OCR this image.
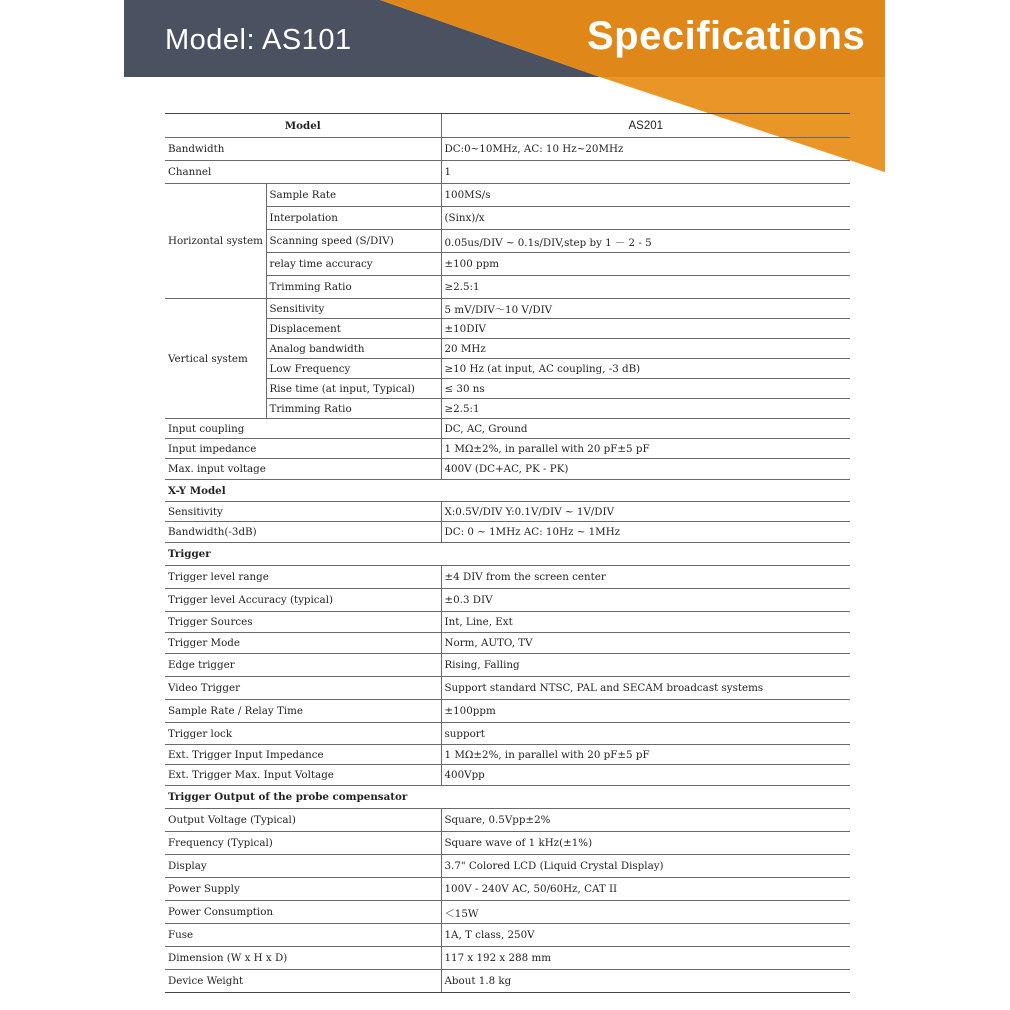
Model: AS101	Specifications
Model		AS201
Bandwidth		DC:0~10MHz, AC: 10 Hz~20MHz
Channel		1
Horizontal system	Sample Rate	100MS/s
	Interpolation	(Sinx)/x
	Scanning speed (S/DIV)	0.05us/DIV ~ 0.1s/DIV,step by 1 － 2 - 5
	relay time accuracy	±100 ppm
	Trimming Ratio	≥2.5:1
Vertical system	Sensitivity	5 mV/DIV～10 V/DIV
	Displacement	±10DIV
	Analog bandwidth	20 MHz
	Low Frequency	≥10 Hz (at input, AC coupling, -3 dB)
	Rise time (at input, Typical)	≤ 30 ns
	Trimming Ratio	≥2.5:1
Input coupling		DC, AC, Ground
Input impedance		1 MΩ±2%, in parallel with 20 pF±5 pF
Max. input voltage		400V (DC+AC, PK - PK)
X-Y Model		
Sensitivity		X:0.5V/DIV Y:0.1V/DIV ~ 1V/DIV
Bandwidth(-3dB)		DC: 0 ~ 1MHz AC: 10Hz ~ 1MHz
Trigger		
Trigger level range		±4 DIV from the screen center
Trigger level Accuracy (typical)		±0.3 DIV
Trigger Sources		Int, Line, Ext
Trigger Mode		Norm, AUTO, TV
Edge trigger		Rising, Falling
Video Trigger		Support standard NTSC, PAL and SECAM broadcast systems
Sample Rate / Relay Time		±100ppm
Trigger lock		support
Ext. Trigger Input Impedance		1 MΩ±2%, in parallel with 20 pF±5 pF
Ext. Trigger Max. Input Voltage		400Vpp
Trigger Output of the probe compensator		
Output Voltage (Typical)		Square, 0.5Vpp±2%
Frequency (Typical)		Square wave of 1 kHz(±1%)
Display		3.7" Colored LCD (Liquid Crystal Display)
Power Supply		100V - 240V AC, 50/60Hz, CAT II
Power Consumption		＜15W
Fuse		1A, T class, 250V
Dimension (W x H x D)		117 x 192 x 288 mm
Device Weight		About 1.8 kg
